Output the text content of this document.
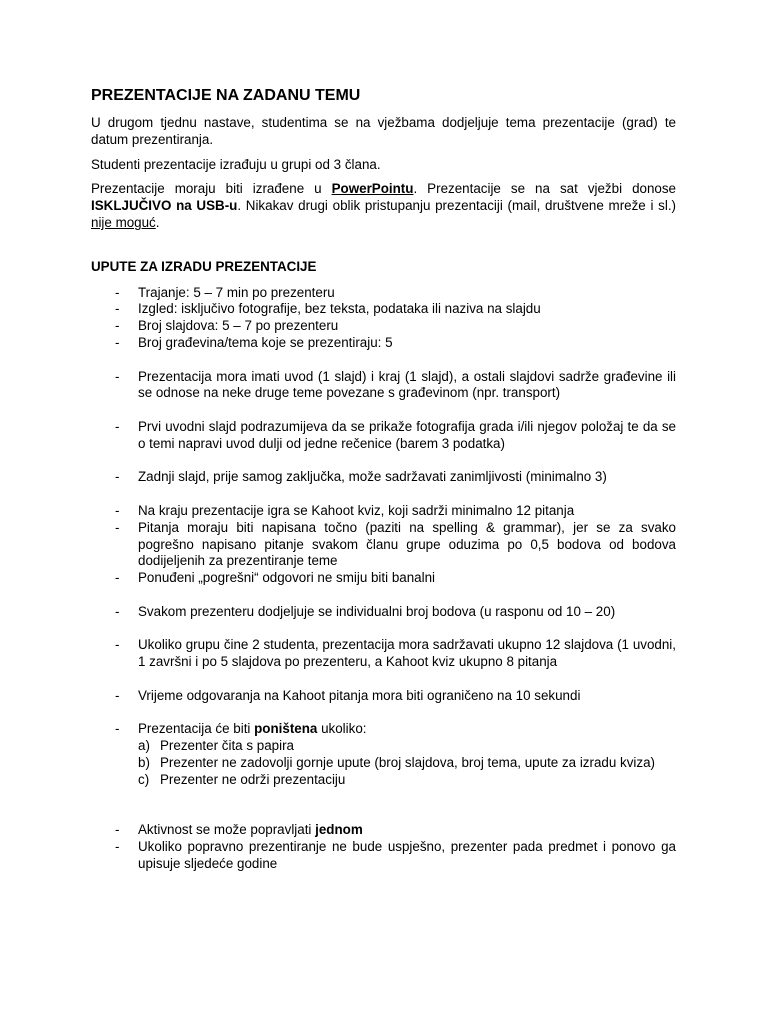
PREZENTACIJE NA ZADANU TEMU

U drugom tjednu nastave, studentima se na vježbama dodjeljuje tema prezentacije (grad) te datum prezentiranja.

Studenti prezentacije izrađuju u grupi od 3 člana.

Prezentacije moraju biti izrađene u PowerPointu. Prezentacije se na sat vježbi donose ISKLJUČIVO na USB-u. Nikakav drugi oblik pristupanju prezentaciji (mail, društvene mreže i sl.) nije moguć.

UPUTE ZA IZRADU PREZENTACIJE
- Trajanje: 5 – 7 min po prezenteru
- Izgled: isključivo fotografije, bez teksta, podataka ili naziva na slajdu
- Broj slajdova: 5 – 7 po prezenteru
- Broj građevina/tema koje se prezentiraju: 5
- Prezentacija mora imati uvod (1 slajd) i kraj (1 slajd), a ostali slajdovi sadrže građevine ili se odnose na neke druge teme povezane s građevinom (npr. transport)
- Prvi uvodni slajd podrazumijeva da se prikaže fotografija grada i/ili njegov položaj te da se o temi napravi uvod dulji od jedne rečenice (barem 3 podatka)
- Zadnji slajd, prije samog zaključka, može sadržavati zanimljivosti (minimalno 3)
- Na kraju prezentacije igra se Kahoot kviz, koji sadrži minimalno 12 pitanja
- Pitanja moraju biti napisana točno (paziti na spelling & grammar), jer se za svako pogrešno napisano pitanje svakom članu grupe oduzima po 0,5 bodova od bodova dodijeljenih za prezentiranje teme
- Ponuđeni „pogrešni“ odgovori ne smiju biti banalni
- Svakom prezenteru dodjeljuje se individualni broj bodova (u rasponu od 10 – 20)
- Ukoliko grupu čine 2 studenta, prezentacija mora sadržavati ukupno 12 slajdova (1 uvodni, 1 završni i po 5 slajdova po prezenteru, a Kahoot kviz ukupno 8 pitanja
- Vrijeme odgovaranja na Kahoot pitanja mora biti ograničeno na 10 sekundi
- Prezentacija će biti poništena ukoliko:
a) Prezenter čita s papira
b) Prezenter ne zadovolji gornje upute (broj slajdova, broj tema, upute za izradu kviza)
c) Prezenter ne održi prezentaciju
- Aktivnost se može popravljati jednom
- Ukoliko popravno prezentiranje ne bude uspješno, prezenter pada predmet i ponovo ga upisuje sljedeće godine
